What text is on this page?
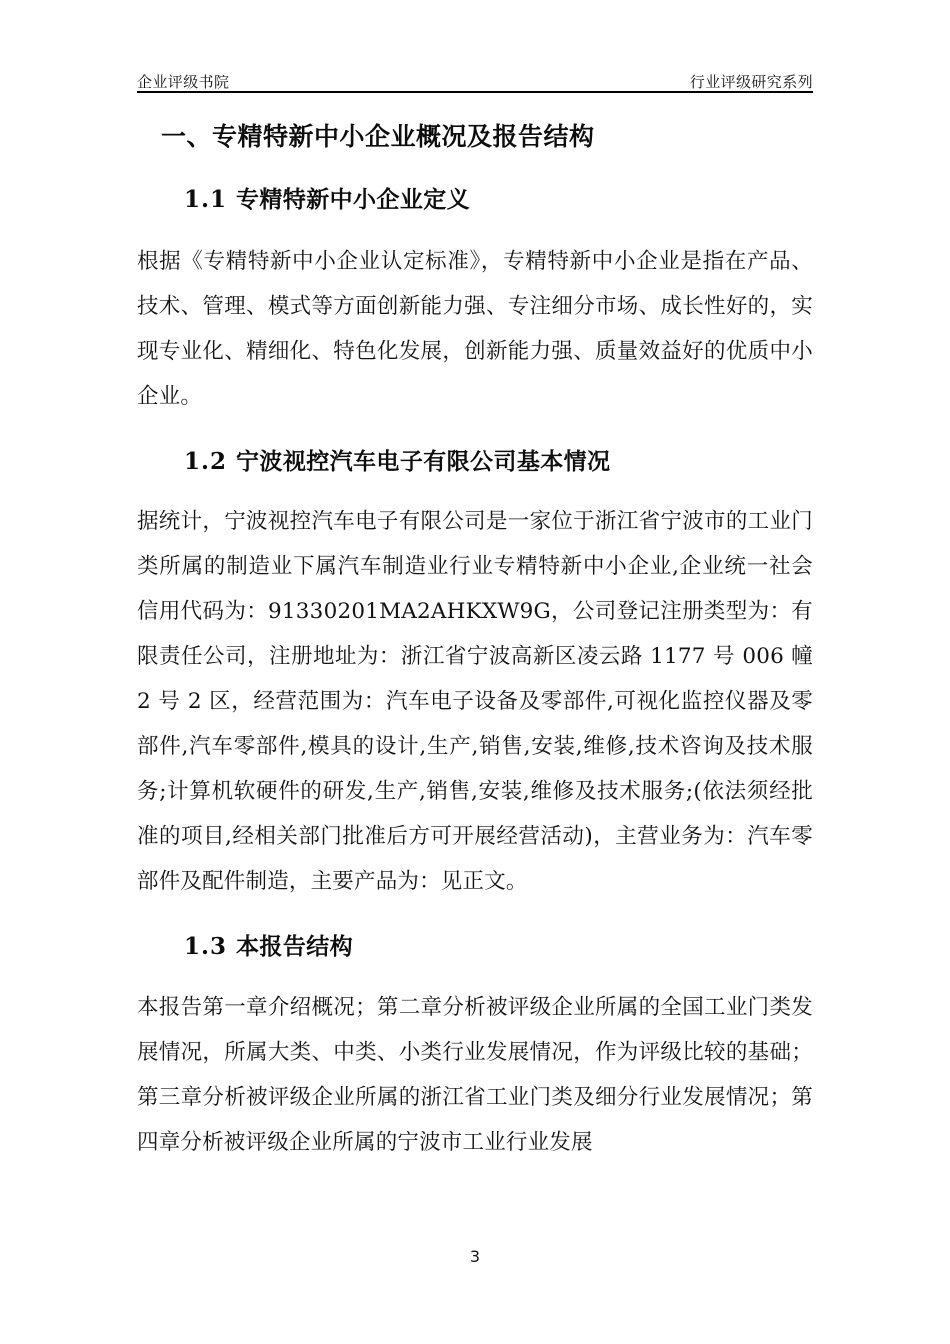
企业评级书院	行业评级研究系列
一、专精特新中小企业概况及报告结构
1.1 专精特新中小企业定义

根据《专精特新中小企业认定标准》，专精特新中小企业是指在产品、技术、管理、模式等方面创新能力强、专注细分市场、成长性好的，实现专业化、精细化、特色化发展，创新能力强、质量效益好的优质中小企业。

1.2 宁波视控汽车电子有限公司基本情况

据统计，宁波视控汽车电子有限公司是一家位于浙江省宁波市的工业门类所属的制造业下属汽车制造业行业专精特新中小企业,企业统一社会信用代码为：91330201MA2AHKXW9G，公司登记注册类型为：有限责任公司，注册地址为：浙江省宁波高新区凌云路 1177 号 006 幢 2 号 2 区，经营范围为：汽车电子设备及零部件,可视化监控仪器及零部件,汽车零部件,模具的设计,生产,销售,安装,维修,技术咨询及技术服务;计算机软硬件的研发,生产,销售,安装,维修及技术服务;(依法须经批准的项目,经相关部门批准后方可开展经营活动)，主营业务为：汽车零部件及配件制造，主要产品为：见正文。

1.3 本报告结构

本报告第一章介绍概况；第二章分析被评级企业所属的全国工业门类发展情况，所属大类、中类、小类行业发展情况，作为评级比较的基础；第三章分析被评级企业所属的浙江省工业门类及细分行业发展情况；第四章分析被评级企业所属的宁波市工业行业发展

3
